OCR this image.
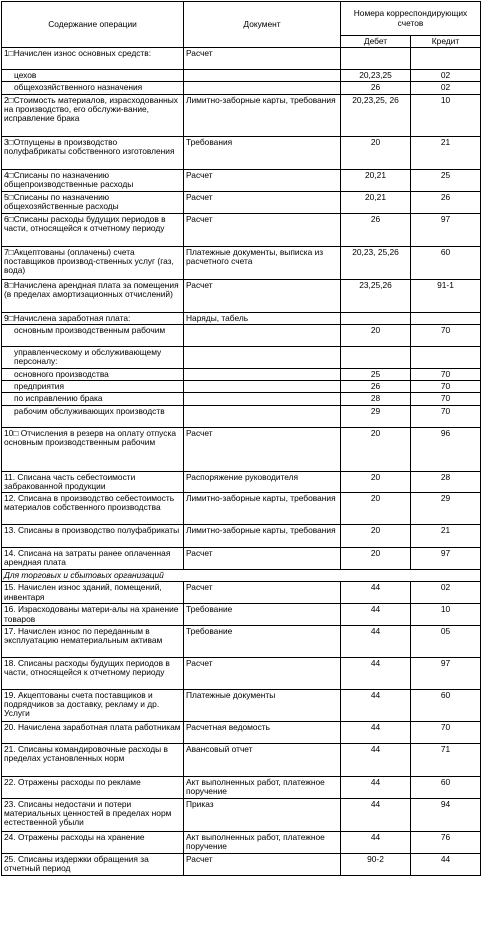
Содержание операции	Документ	Номера корреспондирующих счетов	
		Дебет	Кредит
1□Начислен износ основных средств:	Расчет		
• цехов		20,23,25	02
• общехозяйственного назначения		26	02
2□Стоимость материалов, израсходованных на производство, его обслужи-вание, исправление брака	Лимитно-заборные карты, требования	20,23,25, 26	10
3□Отпущены в производство полуфабрикаты собственного изготовления	Требования	20	21
4□Списаны по назначению общепроизводственные расходы	Расчет	20,21	25
5□Списаны по назначению общехозяйственные расходы	Расчет	20,21	26
6□Списаны расходы будущих периодов в части, относящейся к отчетному периоду	Расчет	26	97
7□Акцептованы (оплачены) счета поставщиков производ-ственных услуг (газ, вода)	Платежные документы, выписка из расчетного счета	20,23, 25,26	60
8□Начислена арендная плата за помещения (в пределах амортизационных отчислений)	Расчет	23,25,26	91-1
9□Начислена заработная плата:	Наряды, табель		
• основным производственным рабочим		20	70
• управленческому и обслуживающему персоналу:			
• основного производства		25	70
• предприятия		26	70
• по исправлению брака		28	70
• рабочим обслуживающих производств		29	70
10□ Отчисления в резерв на оплату отпуска основным производственным рабочим	Расчет	20	96
11. Списана часть себестоимости забракованной продукции	Распоряжение руководителя	20	28
12. Списана в производство себестоимость материалов собственного производства	Лимитно-заборные карты, требования	20	29
13. Списаны в производство полуфабрикаты	Лимитно-заборные карты, требования	20	21
14. Списана на затраты ранее оплаченная арендная плата	Расчет	20	97
Для торговых и сбытовых организаций			
15. Начислен износ зданий, помещений, инвентаря	Расчет	44	02
16. Израсходованы матери-алы на хранение товаров	Требование	44	10
17. Начислен износ по переданным в эксплуатацию нематериальным активам	Требование	44	05
18. Списаны расходы будущих периодов в части, относящейся к отчетному периоду	Расчет	44	97
19. Акцептованы счета поставщиков и подрядчиков за доставку, рекламу и др. Услуги	Платежные документы	44	60
20. Начислена заработная плата работникам	Расчетная ведомость	44	70
21. Списаны командировочные расходы в пределах установленных норм	Авансовый отчет	44	71
22. Отражены расходы по рекламе	Акт выполненных работ, платежное поручение	44	60
23. Списаны недостачи и потери материальных ценностей в пределах норм естественной убыли	Приказ	44	94
24. Отражены расходы на хранение	Акт выполненных работ, платежное поручение	44	76
25. Списаны издержки обращения за отчетный период	Расчет	90-2	44
